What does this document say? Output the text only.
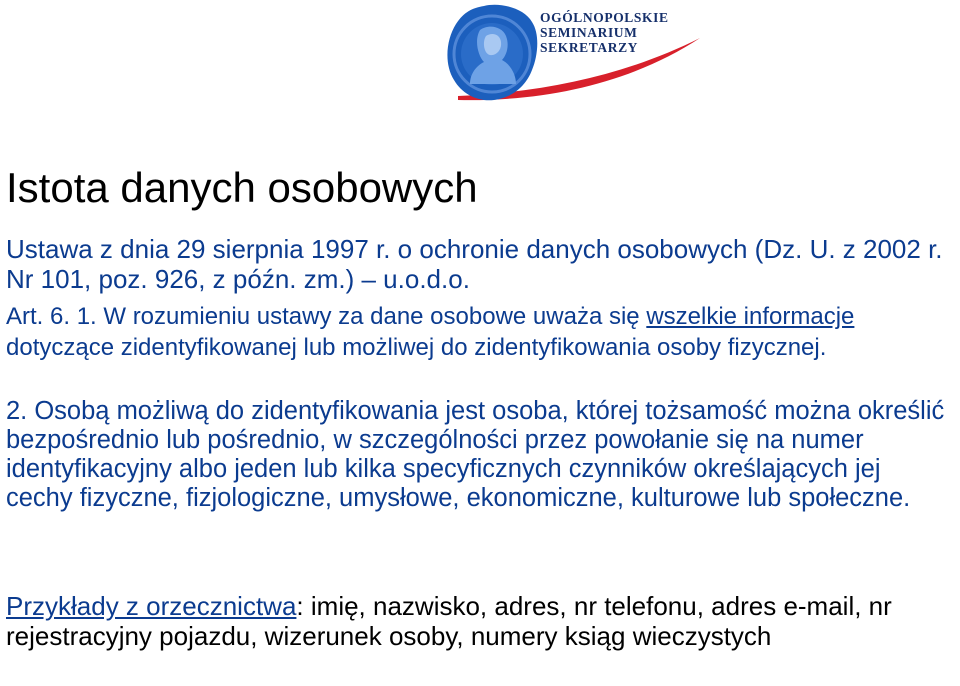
OGÓLNOPOLSKIE
SEMINARIUM
SEKRETARZY
Istota danych osobowych
Ustawa z dnia 29 sierpnia 1997 r. o ochronie danych osobowych (Dz. U. z 2002 r. Nr 101, poz. 926, z późn. zm.) – u.o.d.o.
Art. 6. 1. W rozumieniu ustawy za dane osobowe uważa się wszelkie informacje dotyczące zidentyfikowanej lub możliwej do zidentyfikowania osoby fizycznej.
2. Osobą możliwą do zidentyfikowania jest osoba, której tożsamość można określić bezpośrednio lub pośrednio, w szczególności przez powołanie się na numer identyfikacyjny albo jeden lub kilka specyficznych czynników określających jej cechy fizyczne, fizjologiczne, umysłowe, ekonomiczne, kulturowe lub społeczne.
Przykłady z orzecznictwa: imię, nazwisko, adres, nr telefonu, adres e-mail, nr rejestracyjny pojazdu, wizerunek osoby, numery ksiąg wieczystych
